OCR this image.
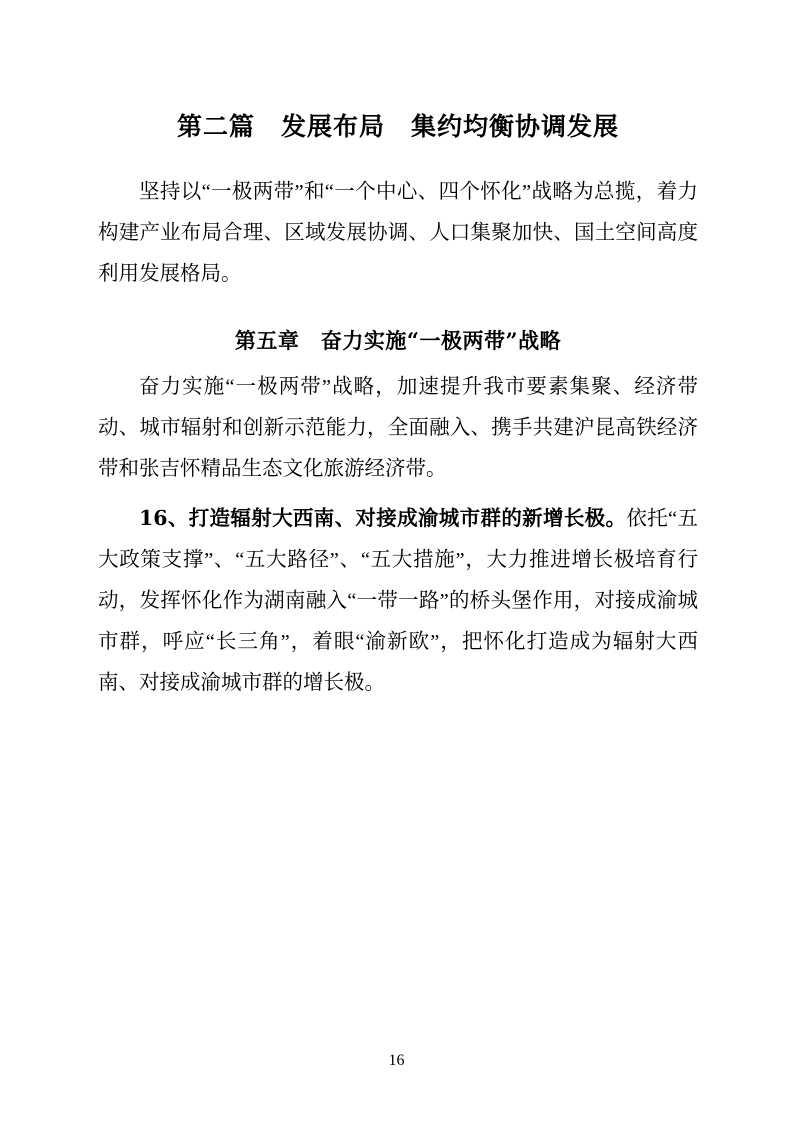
第二篇　发展布局　集约均衡协调发展

坚持以“一极两带”和“一个中心、四个怀化”战略为总揽，着力构建产业布局合理、区域发展协调、人口集聚加快、国土空间高度利用发展格局。

第五章　奋力实施“一极两带”战略

奋力实施“一极两带”战略，加速提升我市要素集聚、经济带动、城市辐射和创新示范能力，全面融入、携手共建沪昆高铁经济带和张吉怀精品生态文化旅游经济带。

16、打造辐射大西南、对接成渝城市群的新增长极。依托“五大政策支撑”、“五大路径”、“五大措施”，大力推进增长极培育行动，发挥怀化作为湖南融入“一带一路”的桥头堡作用，对接成渝城市群，呼应“长三角”，着眼“渝新欧”，把怀化打造成为辐射大西南、对接成渝城市群的增长极。

16
